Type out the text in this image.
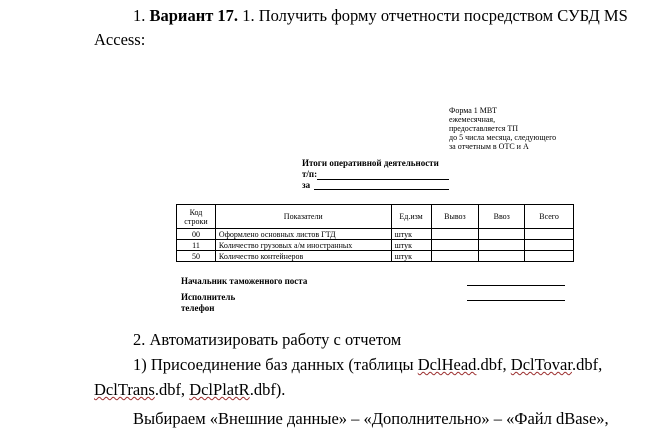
1. Вариант 17. 1. Получить форму отчетности посредством СУБД MS
Access:
Форма 1 МВТ
ежемесячная,
предоставляется ТП
до 5 числа месяца, следующего
за отчетным в ОТС и А
Итоги оперативной деятельности
т/п:
за
Код строки	Показатели	Ед.изм	Вывоз	Ввоз	Всего
00	Оформлено основных листов ГТД	штук			
11	Количество грузовых а/м иностранных	штук			
50	Количество контейнеров	штук			
Начальник таможенного поста
Исполнитель
телефон
2. Автоматизировать работу с отчетом
1) Присоединение баз данных (таблицы DclHead.dbf, DclTovar.dbf,
DclTrans.dbf, DclPlatR.dbf).
Выбираем «Внешние данные» – «Дополнительно» – «Файл dBase»,
